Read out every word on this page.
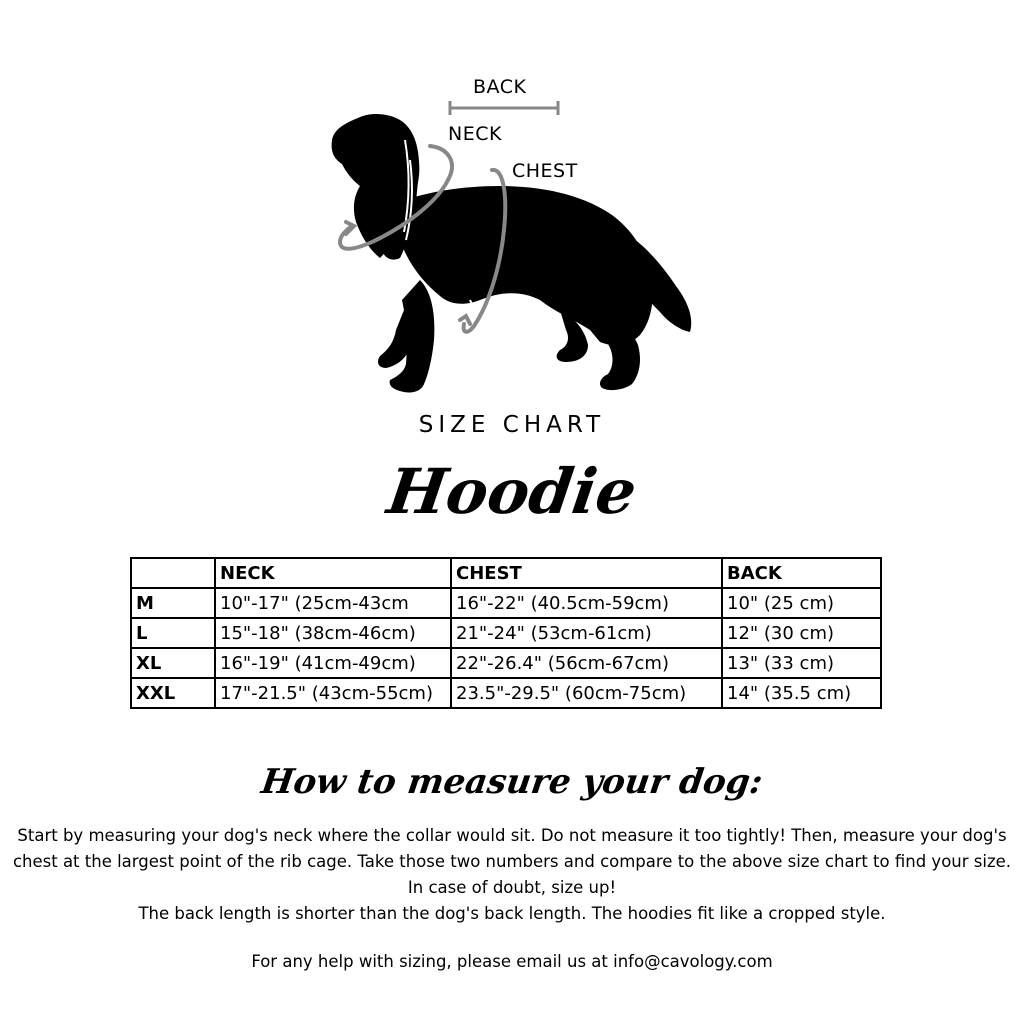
BACK
NECK
CHEST
SIZE CHART
Hoodie
	NECK	CHEST	BACK
M	10"-17" (25cm-43cm	16"-22" (40.5cm-59cm)	10" (25 cm)
L	15"-18" (38cm-46cm)	21"-24" (53cm-61cm)	12" (30 cm)
XL	16"-19" (41cm-49cm)	22"-26.4" (56cm-67cm)	13" (33 cm)
XXL	17"-21.5" (43cm-55cm)	23.5"-29.5" (60cm-75cm)	14" (35.5 cm)
How to measure your dog:

Start by measuring your dog's neck where the collar would sit. Do not measure it too tightly! Then, measure your dog's chest at the largest point of the rib cage. Take those two numbers and compare to the above size chart to find your size. In case of doubt, size up!

The back length is shorter than the dog's back length. The hoodies fit like a cropped style.

For any help with sizing, please email us at info@cavology.com
